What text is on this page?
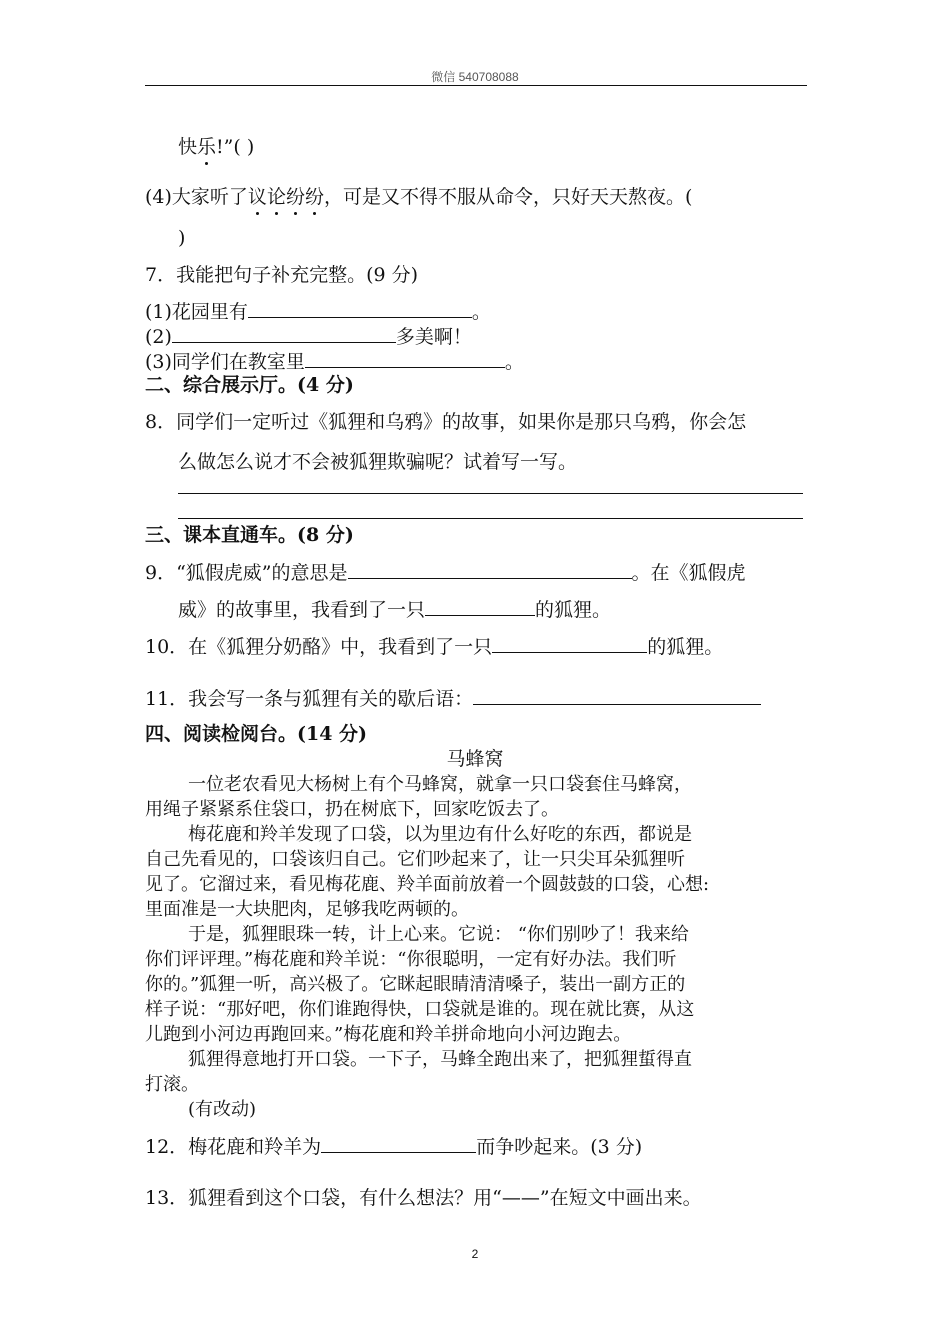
微信 540708088
快乐!”( )
(4)大家听了议论纷纷，可是又不得不服从命令，只好天天熬夜。(
)
7．我能把句子补充完整。(9 分)
(1)花园里有	。
(2)	多美啊！
(3)同学们在教室里	。
二、综合展示厅。(4 分)
8．同学们一定听过《狐狸和乌鸦》的故事，如果你是那只乌鸦，你会怎
么做怎么说才不会被狐狸欺骗呢？试着写一写。
三、课本直通车。(8 分)
9．“狐假虎威”的意思是	。在《狐假虎
威》的故事里，我看到了一只	的狐狸。
10．在《狐狸分奶酪》中，我看到了一只	的狐狸。
11．我会写一条与狐狸有关的歇后语：
四、阅读检阅台。(14 分)
马蜂窝
一位老农看见大杨树上有个马蜂窝，就拿一只口袋套住马蜂窝，
用绳子紧紧系住袋口，扔在树底下，回家吃饭去了。
梅花鹿和羚羊发现了口袋，以为里边有什么好吃的东西，都说是
自己先看见的，口袋该归自己。它们吵起来了，让一只尖耳朵狐狸听
见了。它溜过来，看见梅花鹿、羚羊面前放着一个圆鼓鼓的口袋，心想:
里面准是一大块肥肉，足够我吃两顿的。
于是，狐狸眼珠一转，计上心来。它说： “你们别吵了！我来给
你们评评理。”梅花鹿和羚羊说：“你很聪明，一定有好办法。我们听
你的。”狐狸一听，高兴极了。它眯起眼睛清清嗓子，装出一副方正的
样子说：“那好吧，你们谁跑得快，口袋就是谁的。现在就比赛，从这
儿跑到小河边再跑回来。”梅花鹿和羚羊拼命地向小河边跑去。
狐狸得意地打开口袋。一下子，马蜂全跑出来了，把狐狸蜇得直
打滚。
(有改动)
12．梅花鹿和羚羊为	而争吵起来。(3 分)
13．狐狸看到这个口袋，有什么想法？用“——”在短文中画出来。
2
